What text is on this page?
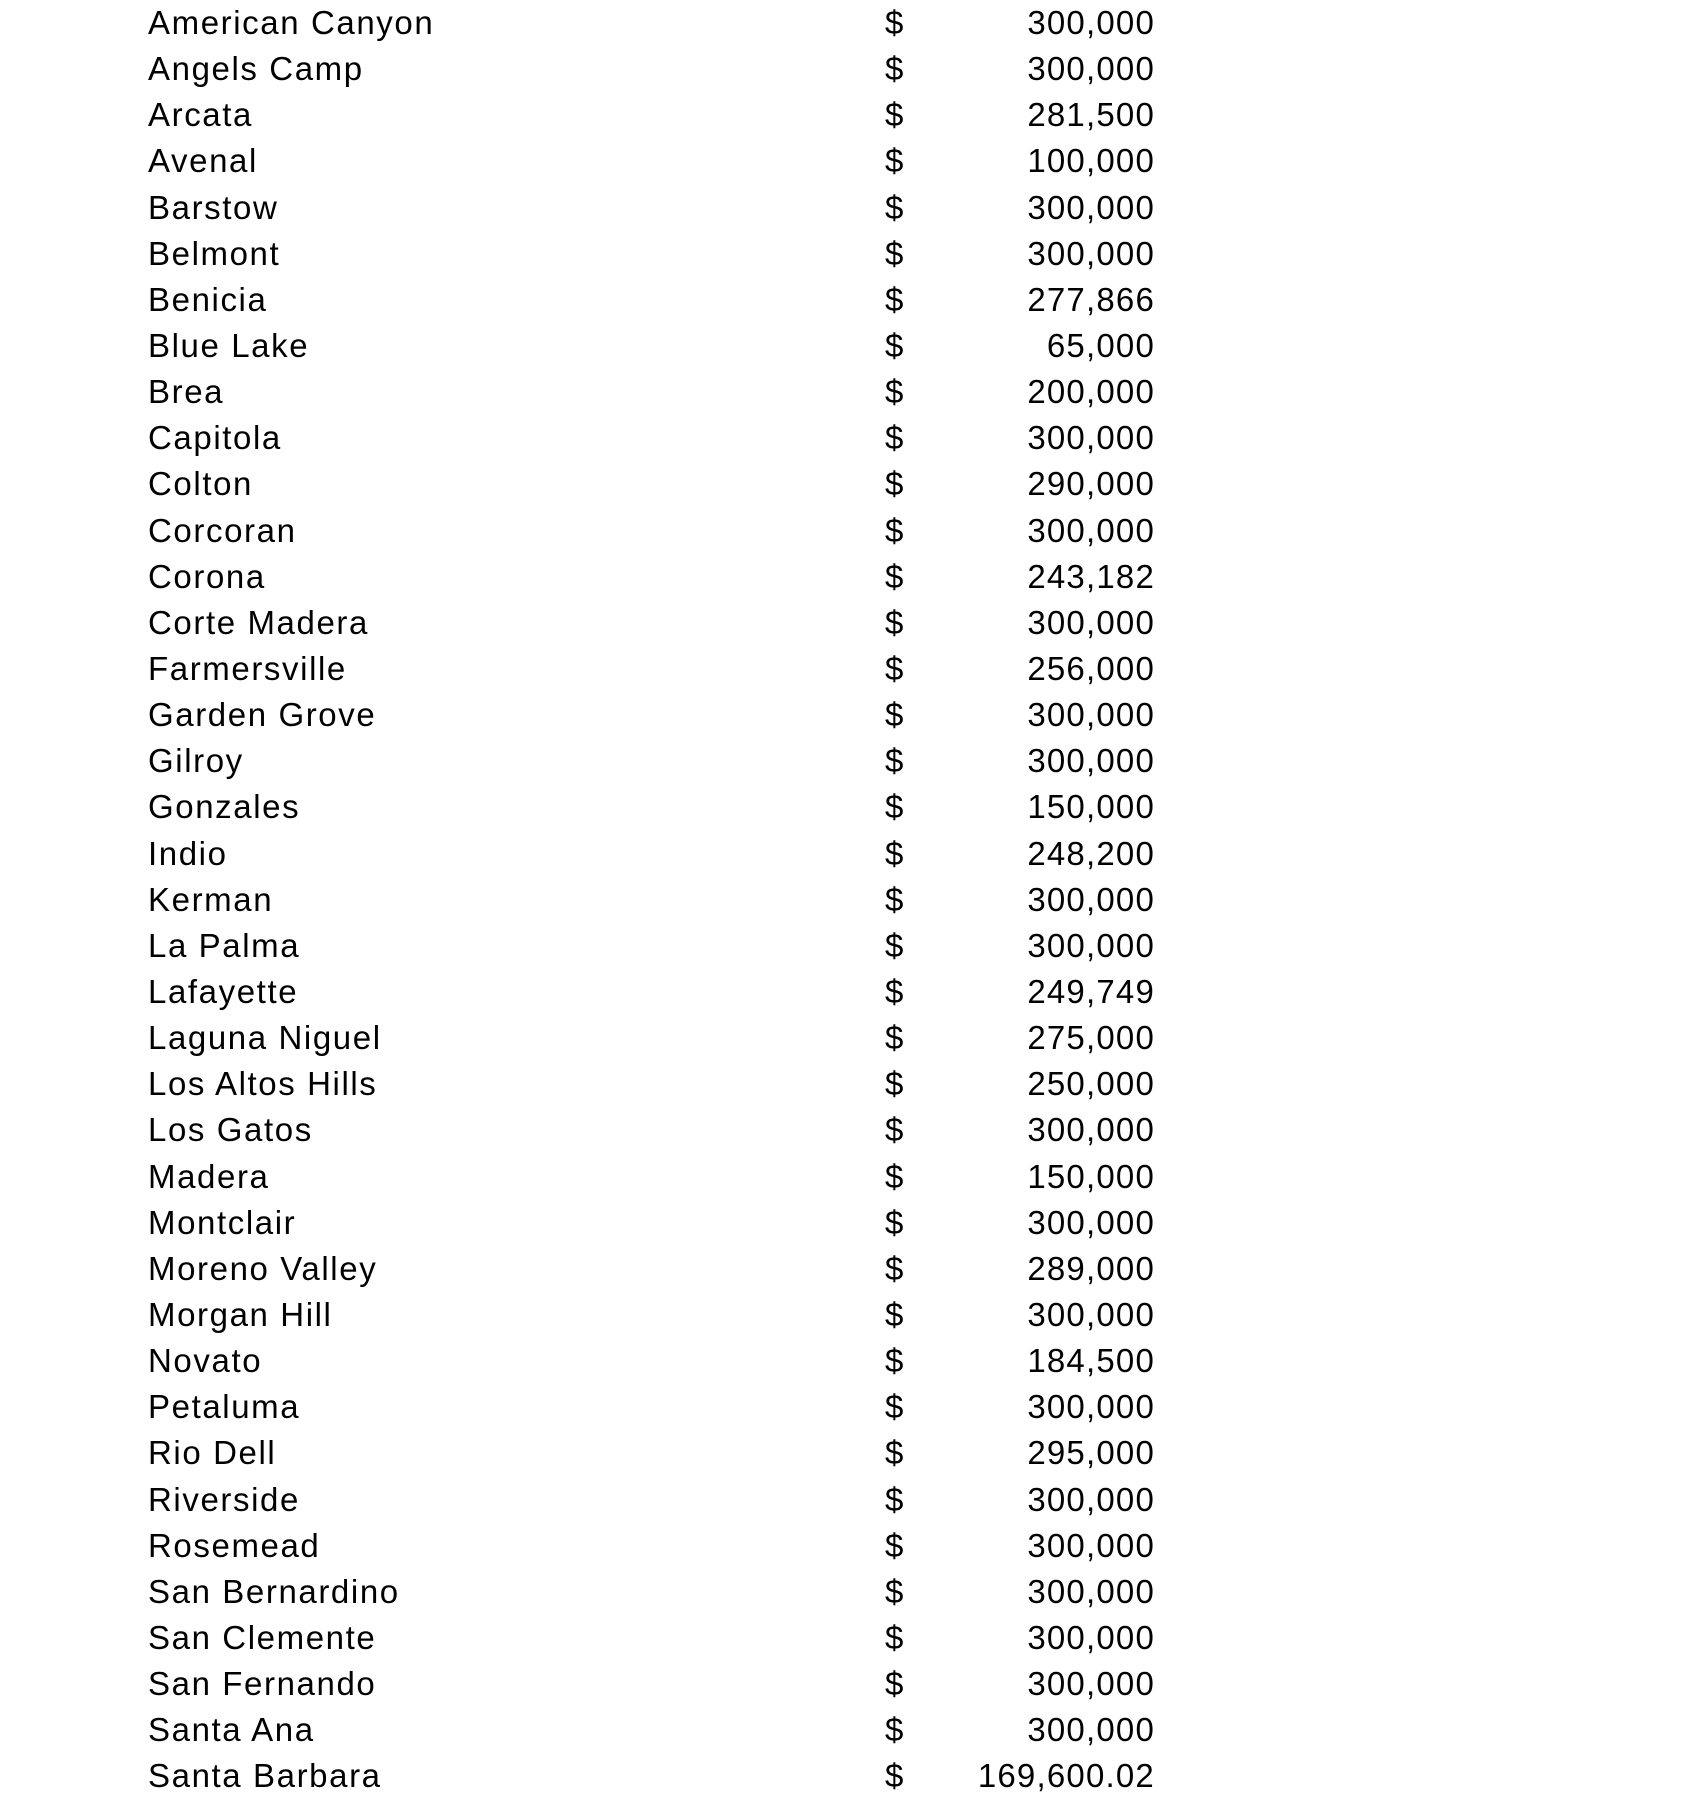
American Canyon	$	300,000
Angels Camp	$	300,000
Arcata	$	281,500
Avenal	$	100,000
Barstow	$	300,000
Belmont	$	300,000
Benicia	$	277,866
Blue Lake	$	65,000
Brea	$	200,000
Capitola	$	300,000
Colton	$	290,000
Corcoran	$	300,000
Corona	$	243,182
Corte Madera	$	300,000
Farmersville	$	256,000
Garden Grove	$	300,000
Gilroy	$	300,000
Gonzales	$	150,000
Indio	$	248,200
Kerman	$	300,000
La Palma	$	300,000
Lafayette	$	249,749
Laguna Niguel	$	275,000
Los Altos Hills	$	250,000
Los Gatos	$	300,000
Madera	$	150,000
Montclair	$	300,000
Moreno Valley	$	289,000
Morgan Hill	$	300,000
Novato	$	184,500
Petaluma	$	300,000
Rio Dell	$	295,000
Riverside	$	300,000
Rosemead	$	300,000
San Bernardino	$	300,000
San Clemente	$	300,000
San Fernando	$	300,000
Santa Ana	$	300,000
Santa Barbara	$ 169,600.02
